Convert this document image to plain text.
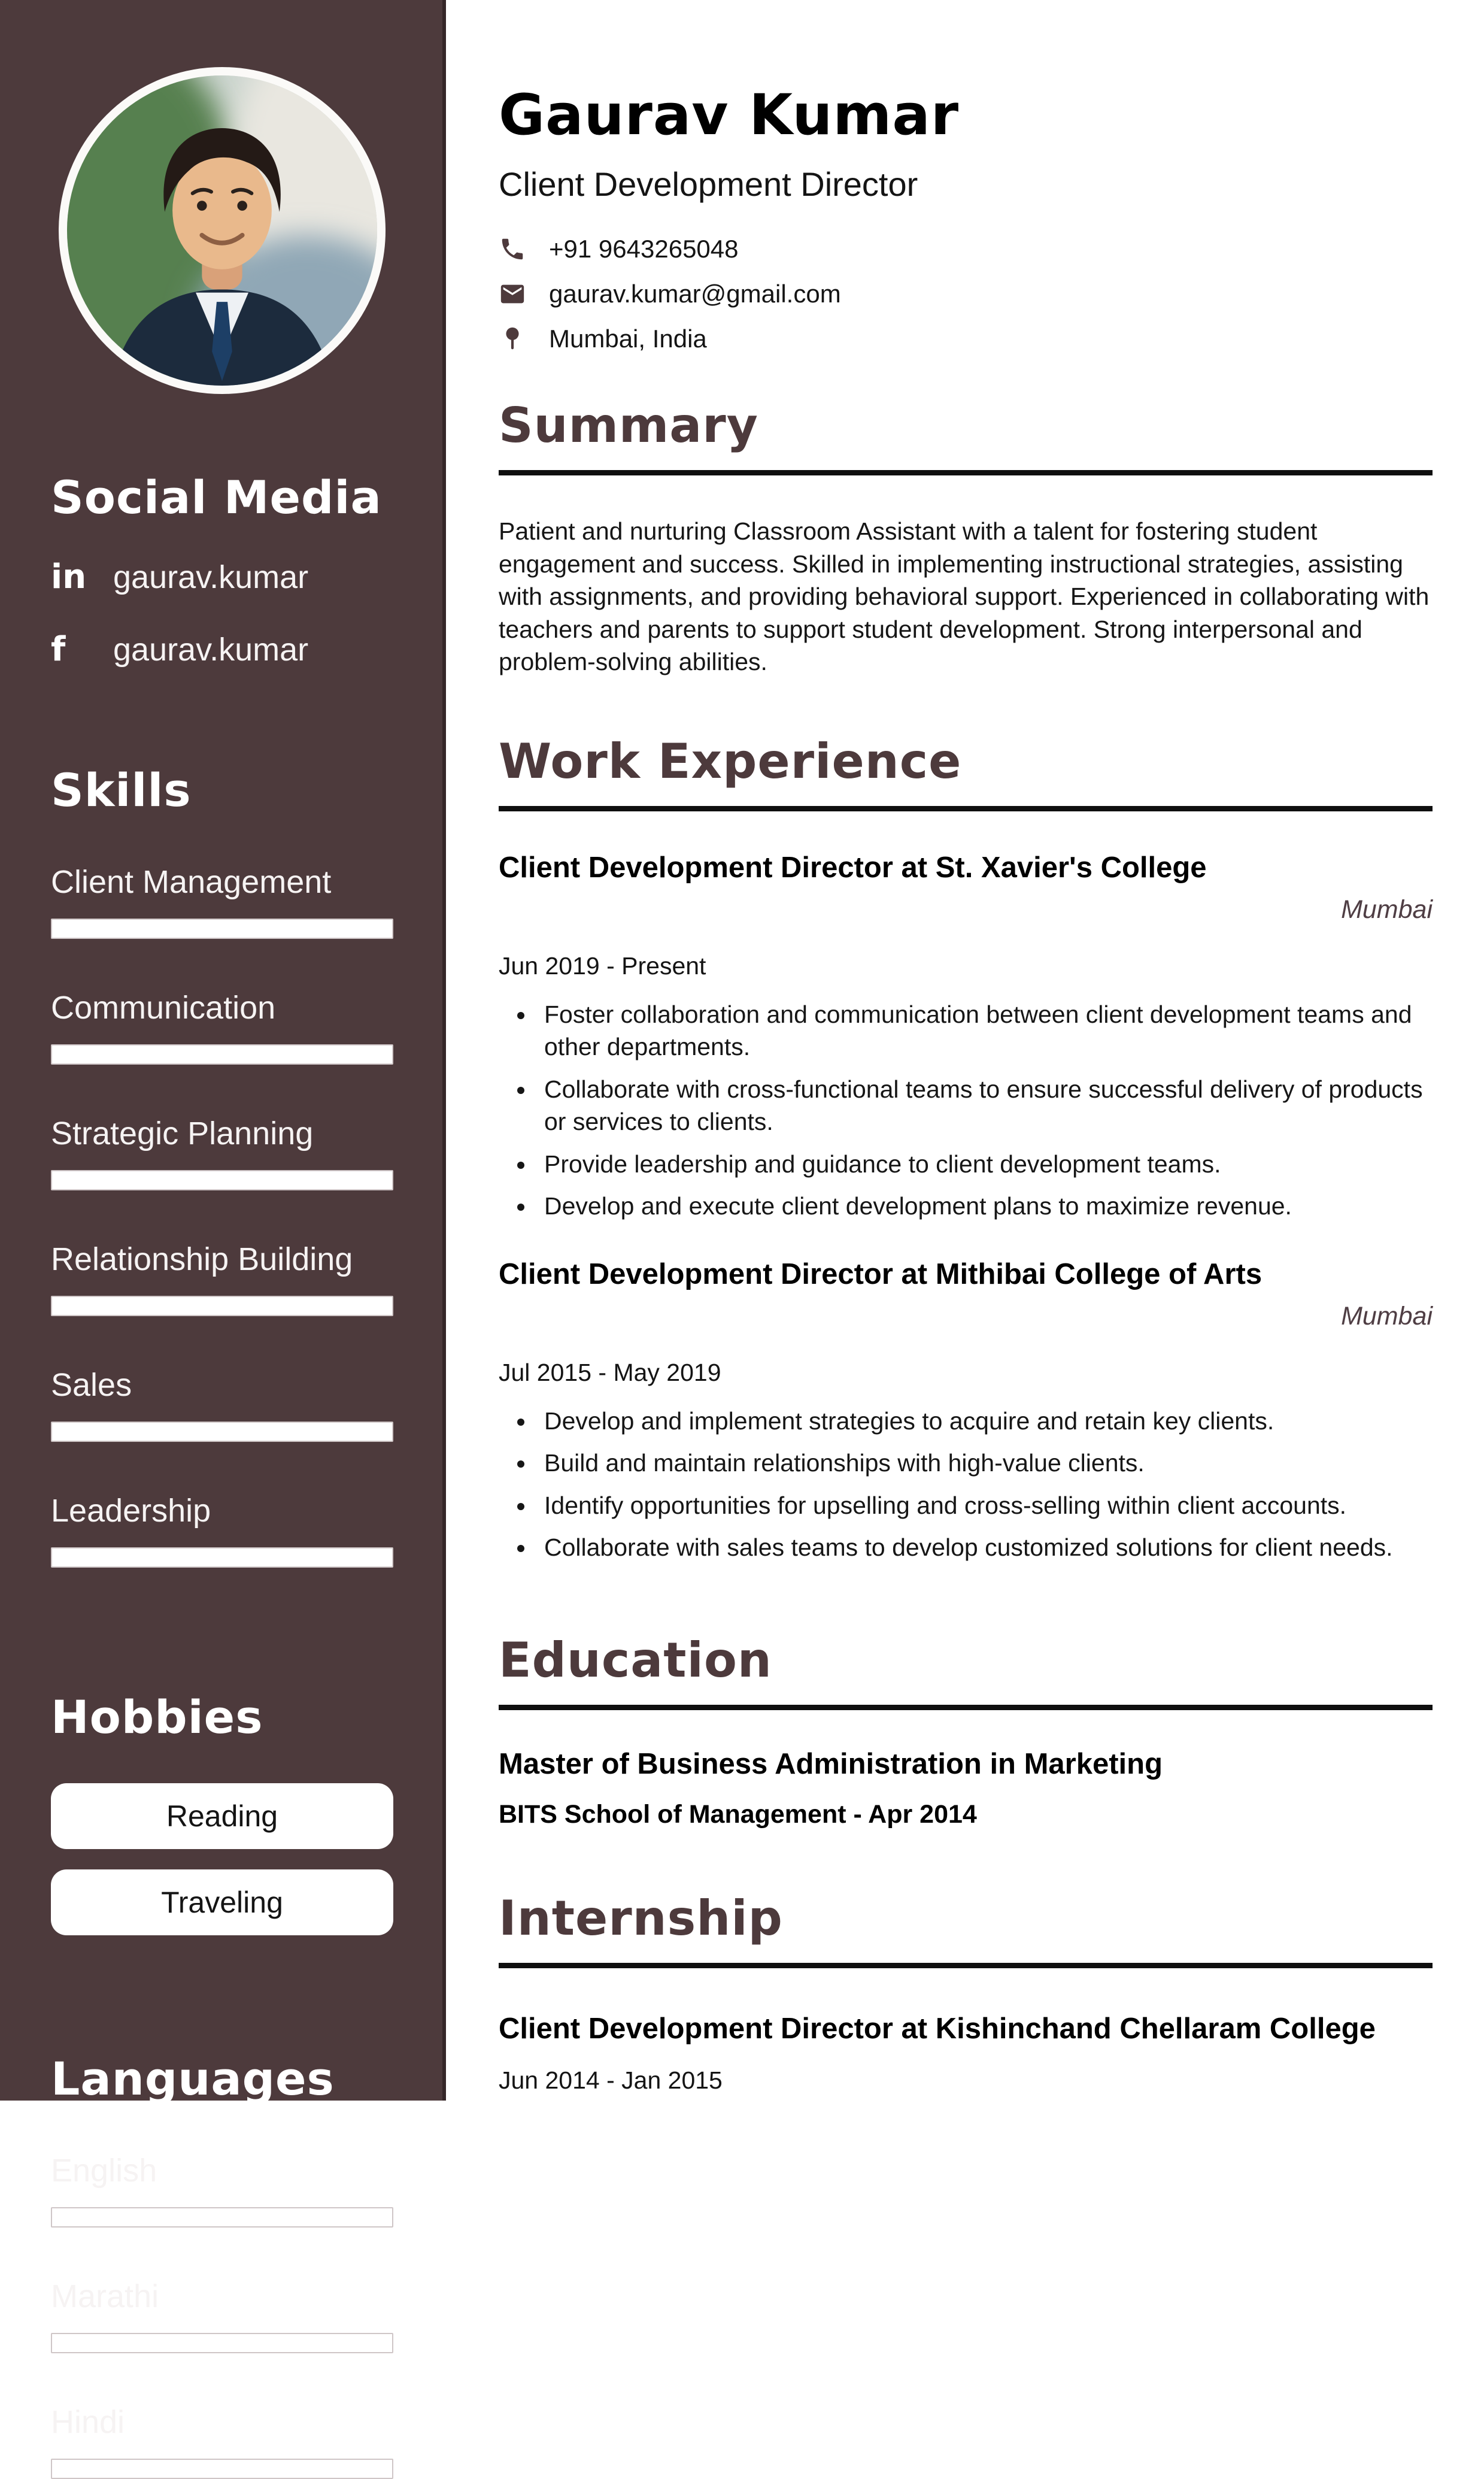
Social Media
in gaurav.kumar
f	gaurav.kumar
Skills
Client Management
Communication
Strategic Planning
Relationship Building
Sales
Leadership
Hobbies
Reading
Traveling
Languages
English
Marathi
Hindi
Gaurav Kumar
Client Development Director
+91 9643265048
gaurav.kumar@gmail.com
Mumbai, India
Summary

Patient and nurturing Classroom Assistant with a talent for fostering student engagement and success. Skilled in implementing instructional strategies, assisting with assignments, and providing behavioral support. Experienced in collaborating with teachers and parents to support student development. Strong interpersonal and problem-solving abilities.

Work Experience
Client Development Director at St. Xavier's College
Mumbai
Jun 2019 - Present
• Foster collaboration and communication between client development teams and other departments.
• Collaborate with cross-functional teams to ensure successful delivery of products or services to clients.
• Provide leadership and guidance to client development teams.
• Develop and execute client development plans to maximize revenue.
Client Development Director at Mithibai College of Arts
Mumbai
Jul 2015 - May 2019
• Develop and implement strategies to acquire and retain key clients.
• Build and maintain relationships with high-value clients.
• Identify opportunities for upselling and cross-selling within client accounts.
• Collaborate with sales teams to develop customized solutions for client needs.
Education
Master of Business Administration in Marketing
BITS School of Management - Apr 2014
Internship
Client Development Director at Kishinchand Chellaram College
Jun 2014 - Jan 2015
